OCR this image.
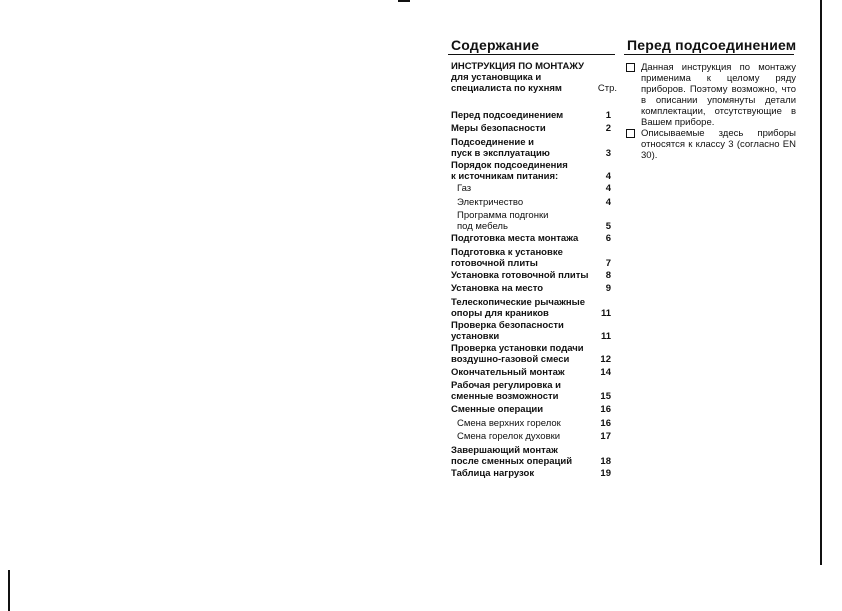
Содержание	Перед подсоединением
ИНСТРУКЦИЯ ПО МОНТАЖУ
для установщика и
специалиста по кухням	Стр.
Перед подсоединением	1
Меры безопасности	2
Подсоединение и
пуск в эксплуатацию	3
Порядок подсоединения
к источникам питания:	4
Газ	4
Электричество	4
Программа подгонки
под мебель	5
Подготовка места монтажа	6
Подготовка к установке
готовочной плиты	7
Установка готовочной плиты 8
Установка на место	9
Телескопические рычажные
опоры для краников	11
Проверка безопасности
установки	11
Проверка установки подачи
воздушно-газовой смеси	12
Окончательный монтаж	14
Рабочая регулировка и
сменные возможности	15
Сменные операции	16
Смена верхних горелок	16
Смена горелок духовки	17
Завершающий монтаж
после сменных операций	18
Таблица нагрузок	19
Данная инструкция по монтажу применима к целому ряду приборов. Поэтому возможно, что в описании упомянуты детали комплектации, отсутствующие в Вашем приборе.
Описываемые здесь приборы относятся к классу 3 (согласно EN 30).
